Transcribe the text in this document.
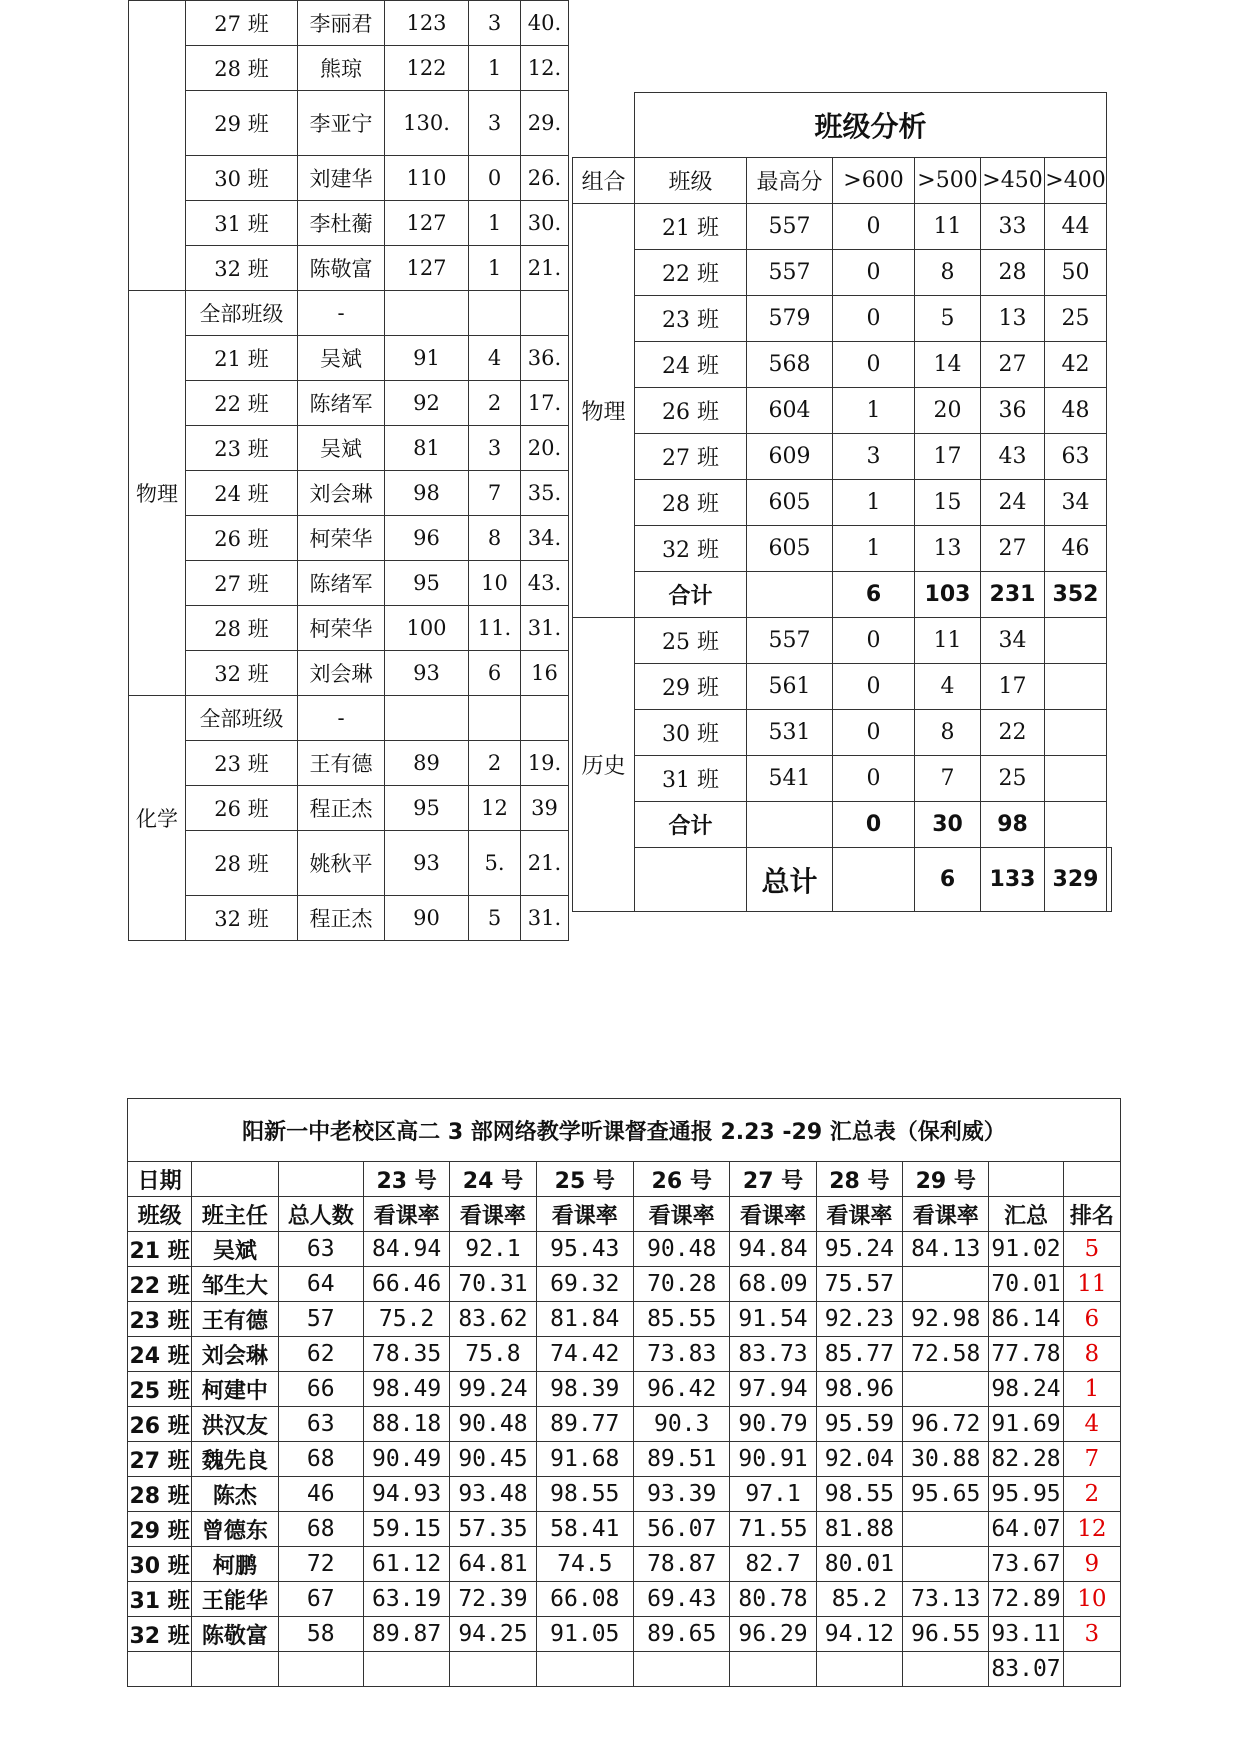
	27 班	李丽君	123	3	40.
	28 班	熊琼	122	1	12.
	29 班	李亚宁	130.	3	29.
	30 班	刘建华	110	0	26.
	31 班	李杜蘅	127	1	30.
	32 班	陈敬富	127	1	21.
物理	全部班级	-			
	21 班	吴斌	91	4	36.
	22 班	陈绪军	92	2	17.
	23 班	吴斌	81	3	20.
	24 班	刘会琳	98	7	35.
	26 班	柯荣华	96	8	34.
	27 班	陈绪军	95	10	43.
	28 班	柯荣华	100	11.	31.
	32 班	刘会琳	93	6	16
化学	全部班级	-			
	23 班	王有德	89	2	19.
	26 班	程正杰	95	12	39
	28 班	姚秋平	93	5.	21.
	32 班	程正杰	90	5	31.
	班级分析						
组合	班级	最高分	>600	>500	>450	>400	
物理	21 班	557	0	11	33	44	
	22 班	557	0	8	28	50	
	23 班	579	0	5	13	25	
	24 班	568	0	14	27	42	
	26 班	604	1	20	36	48	
	27 班	609	3	17	43	63	
	28 班	605	1	15	24	34	
	32 班	605	1	13	27	46	
	合计		6	103	231	352	
历史	25 班	557	0	11	34		
	29 班	561	0	4	17		
	30 班	531	0	8	22		
	31 班	541	0	7	25		
	合计		0	30	98		
		总计		6	133	329	
阳新一中老校区高二 3 部网络教学听课督查通报 2.23 -29 汇总表（保利威）											
日期			23 号	24 号	25 号	26 号	27 号	28 号	29 号		
班级	班主任	总人数	看课率	看课率	看课率	看课率	看课率	看课率	看课率	汇总	排名
21 班	吴斌	63	84.94	92.1	95.43	90.48	94.84	95.24	84.13	91.02	5
22 班	邹生大	64	66.46	70.31	69.32	70.28	68.09	75.57		70.01	11
23 班	王有德	57	75.2	83.62	81.84	85.55	91.54	92.23	92.98	86.14	6
24 班	刘会琳	62	78.35	75.8	74.42	73.83	83.73	85.77	72.58	77.78	8
25 班	柯建中	66	98.49	99.24	98.39	96.42	97.94	98.96		98.24	1
26 班	洪汉友	63	88.18	90.48	89.77	90.3	90.79	95.59	96.72	91.69	4
27 班	魏先良	68	90.49	90.45	91.68	89.51	90.91	92.04	30.88	82.28	7
28 班	陈杰	46	94.93	93.48	98.55	93.39	97.1	98.55	95.65	95.95	2
29 班	曾德东	68	59.15	57.35	58.41	56.07	71.55	81.88		64.07	12
30 班	柯鹏	72	61.12	64.81	74.5	78.87	82.7	80.01		73.67	9
31 班	王能华	67	63.19	72.39	66.08	69.43	80.78	85.2	73.13	72.89	10
32 班	陈敬富	58	89.87	94.25	91.05	89.65	96.29	94.12	96.55	93.11	3
										83.07	
